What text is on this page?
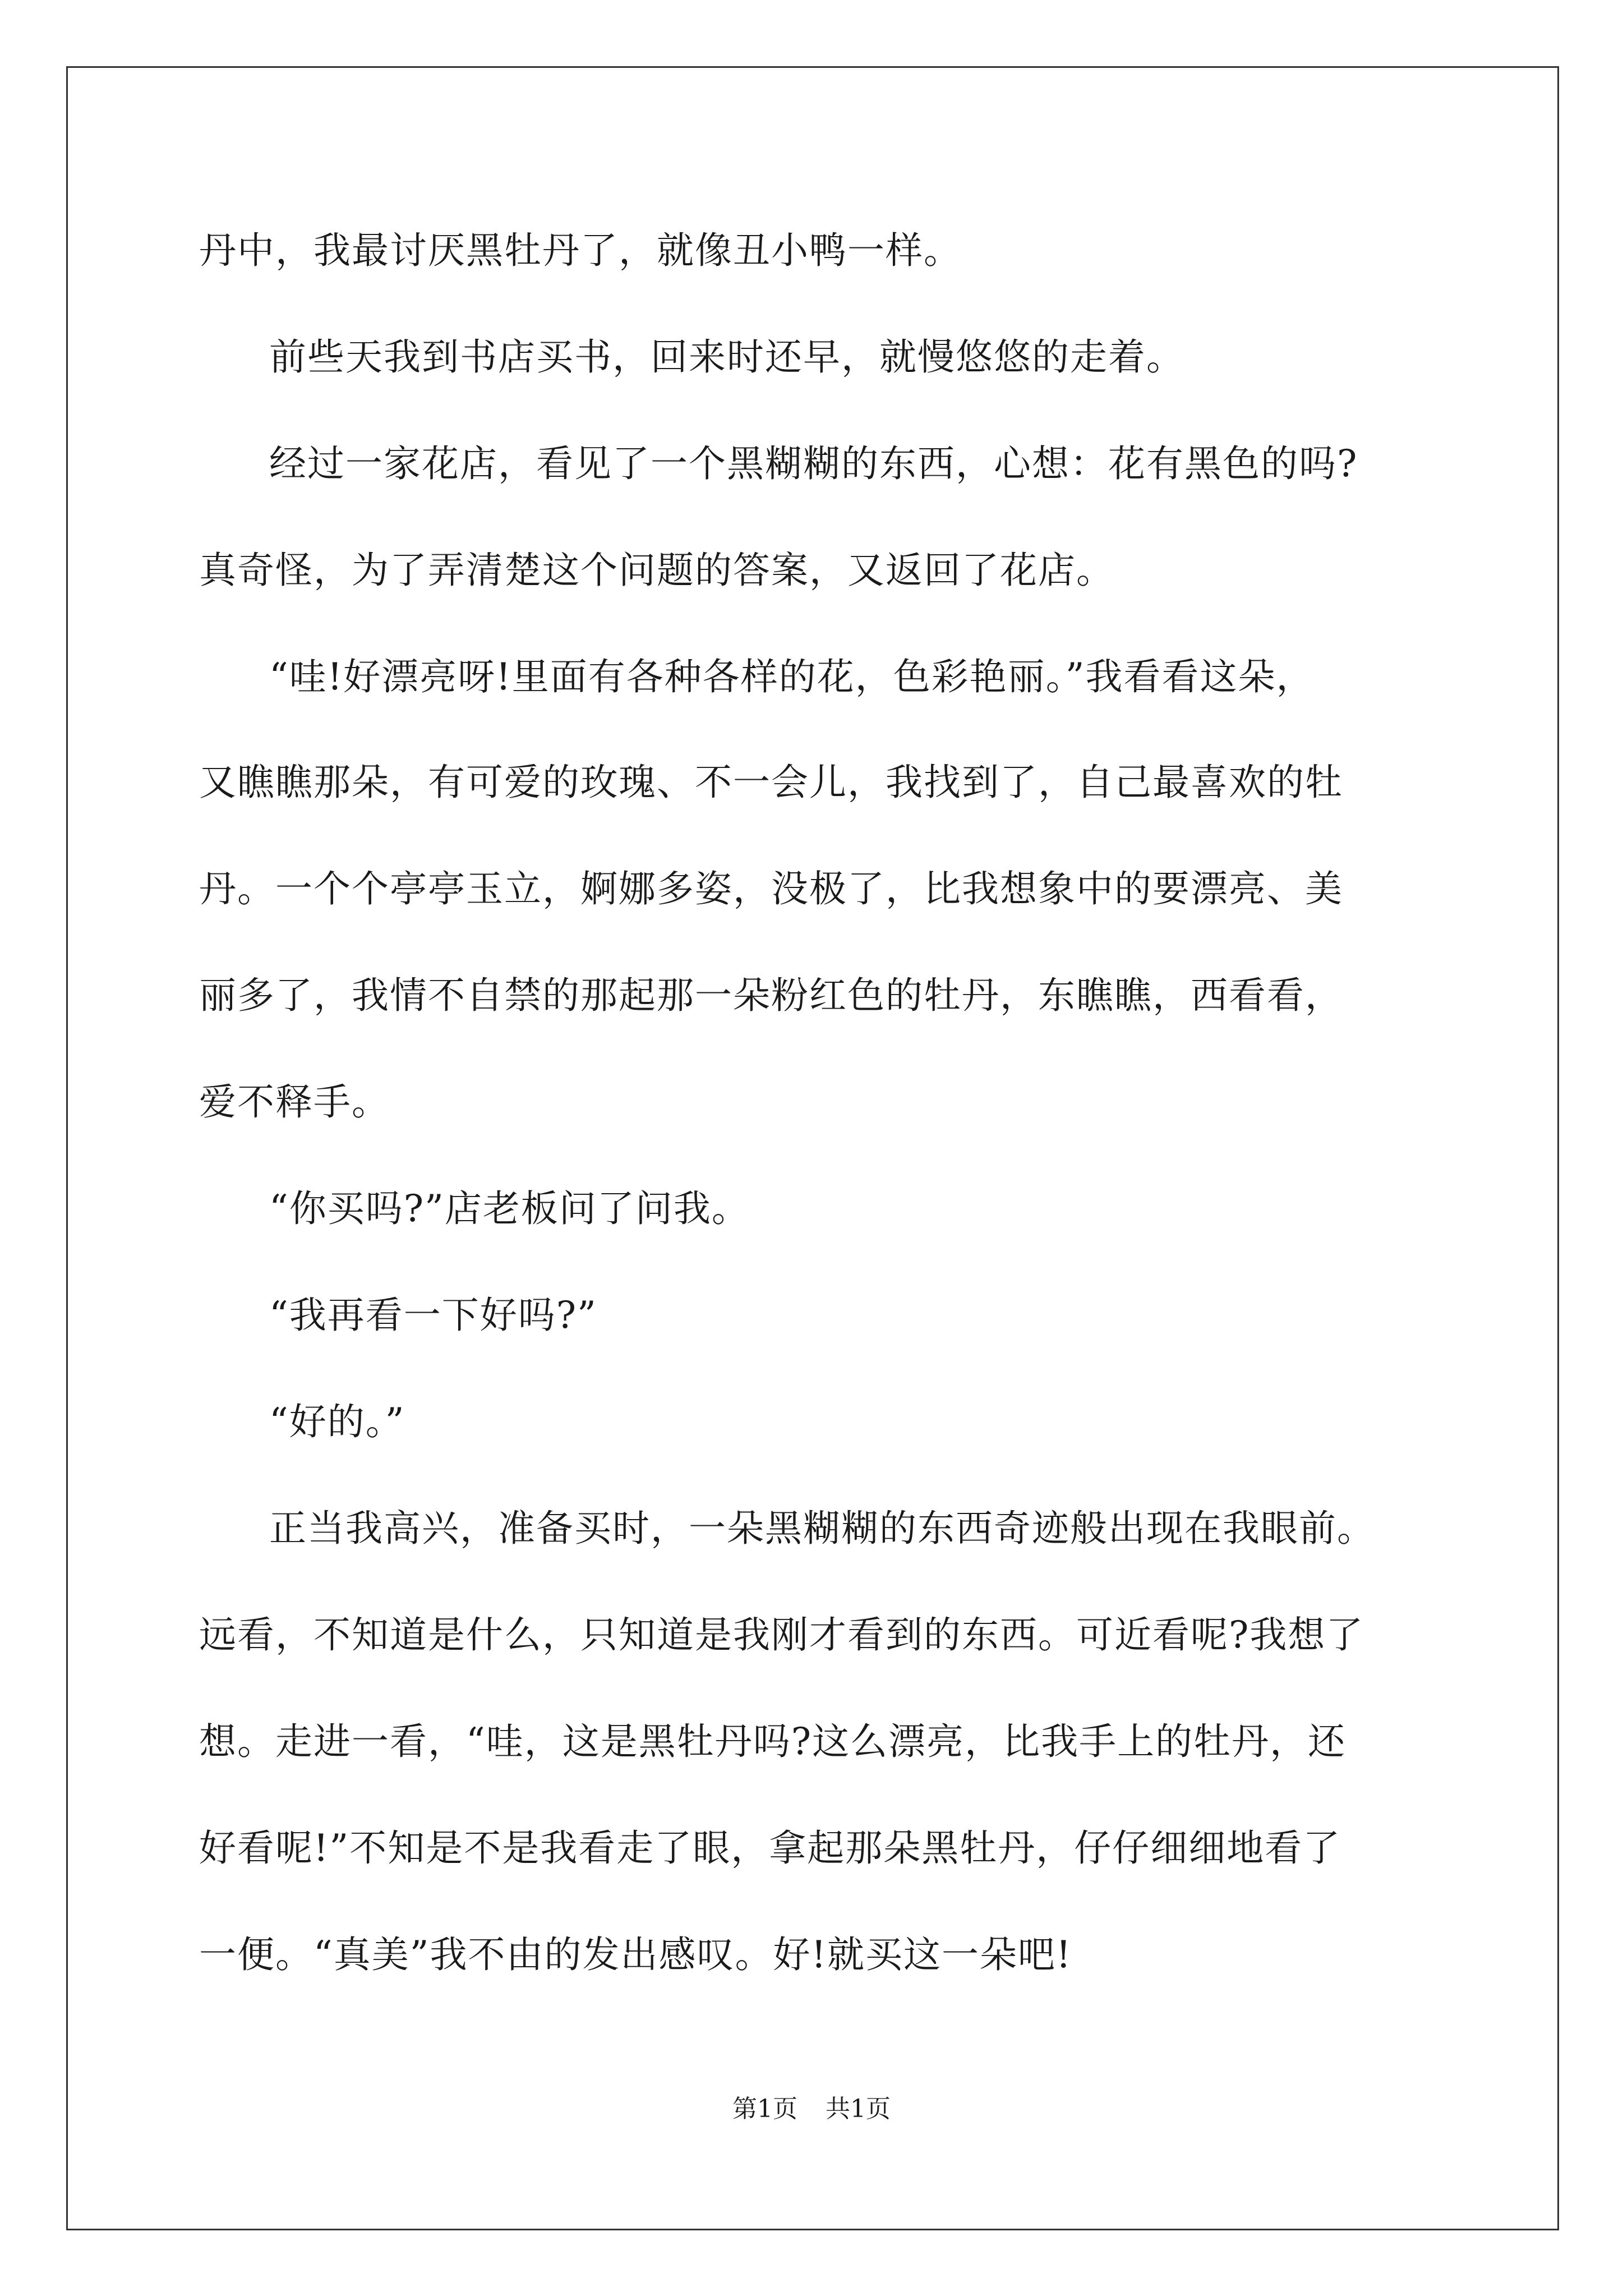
丹中，我最讨厌黑牡丹了，就像丑小鸭一样。
前些天我到书店买书，回来时还早，就慢悠悠的走着。
经过一家花店，看见了一个黑糊糊的东西，心想：花有黑色的吗?
真奇怪，为了弄清楚这个问题的答案，又返回了花店。
“哇!好漂亮呀!里面有各种各样的花，色彩艳丽。”我看看这朵，
又瞧瞧那朵，有可爱的玫瑰、不一会儿，我找到了，自己最喜欢的牡
丹。一个个亭亭玉立，婀娜多姿，没极了，比我想象中的要漂亮、美
丽多了，我情不自禁的那起那一朵粉红色的牡丹，东瞧瞧，西看看，
爱不释手。
“你买吗?”店老板问了问我。
“我再看一下好吗?”
“好的。”
正当我高兴，准备买时，一朵黑糊糊的东西奇迹般出现在我眼前。
远看，不知道是什么，只知道是我刚才看到的东西。可近看呢?我想了
想。走进一看，“哇，这是黑牡丹吗?这么漂亮，比我手上的牡丹，还
好看呢!”不知是不是我看走了眼，拿起那朵黑牡丹，仔仔细细地看了
一便。“真美”我不由的发出感叹。好!就买这一朵吧!
第1页 共1页
